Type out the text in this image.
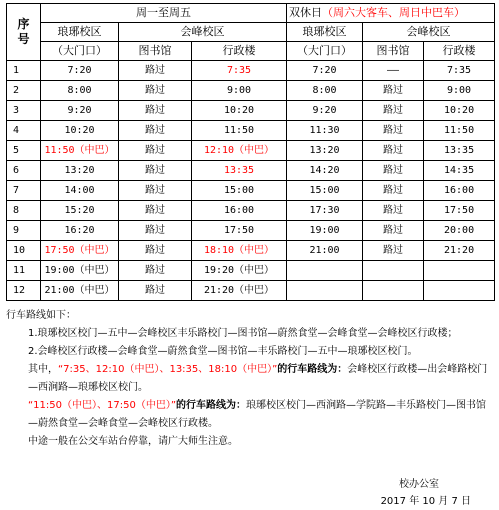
序号	周一至周五			双休日（周六大客车、周日中巴车）		
	琅琊校区	会峰校区		琅琊校区	会峰校区	
	（大门口）	图书馆	行政楼	（大门口）	图书馆	行政楼
1	7:20	路过	7:35	7:20	——	7:35
2	8:00	路过	9:00	8:00	路过	9:00
3	9:20	路过	10:20	9:20	路过	10:20
4	10:20	路过	11:50	11:30	路过	11:50
5	11:50（中巴）	路过	12:10（中巴）	13:20	路过	13:35
6	13:20	路过	13:35	14:20	路过	14:35
7	14:00	路过	15:00	15:00	路过	16:00
8	15:20	路过	16:00	17:30	路过	17:50
9	16:20	路过	17:50	19:00	路过	20:00
10	17:50（中巴）	路过	18:10（中巴）	21:00	路过	21:20
11	19:00（中巴）	路过	19:20（中巴）			
12	21:00（中巴）	路过	21:20（中巴）			

行车路线如下：

1.琅琊校区校门—五中—会峰校区丰乐路校门—图书馆—蔚然食堂—会峰食堂—会峰校区行政楼；

2.会峰校区行政楼—会峰食堂—蔚然食堂—图书馆—丰乐路校门—五中—琅琊校区校门。

其中，“7:35、12:10（中巴）、13:35、18:10（中巴）”的行车路线为：会峰校区行政楼—出会峰路校门—西涧路—琅琊校区校门。

“11:50（中巴）、17:50（中巴）”的行车路线为：琅琊校区校门—西涧路—学院路—丰乐路校门—图书馆—蔚然食堂—会峰食堂—会峰校区行政楼。

中途一般在公交车站台停靠，请广大师生注意。

校办公室
2017 年 10 月 7 日
